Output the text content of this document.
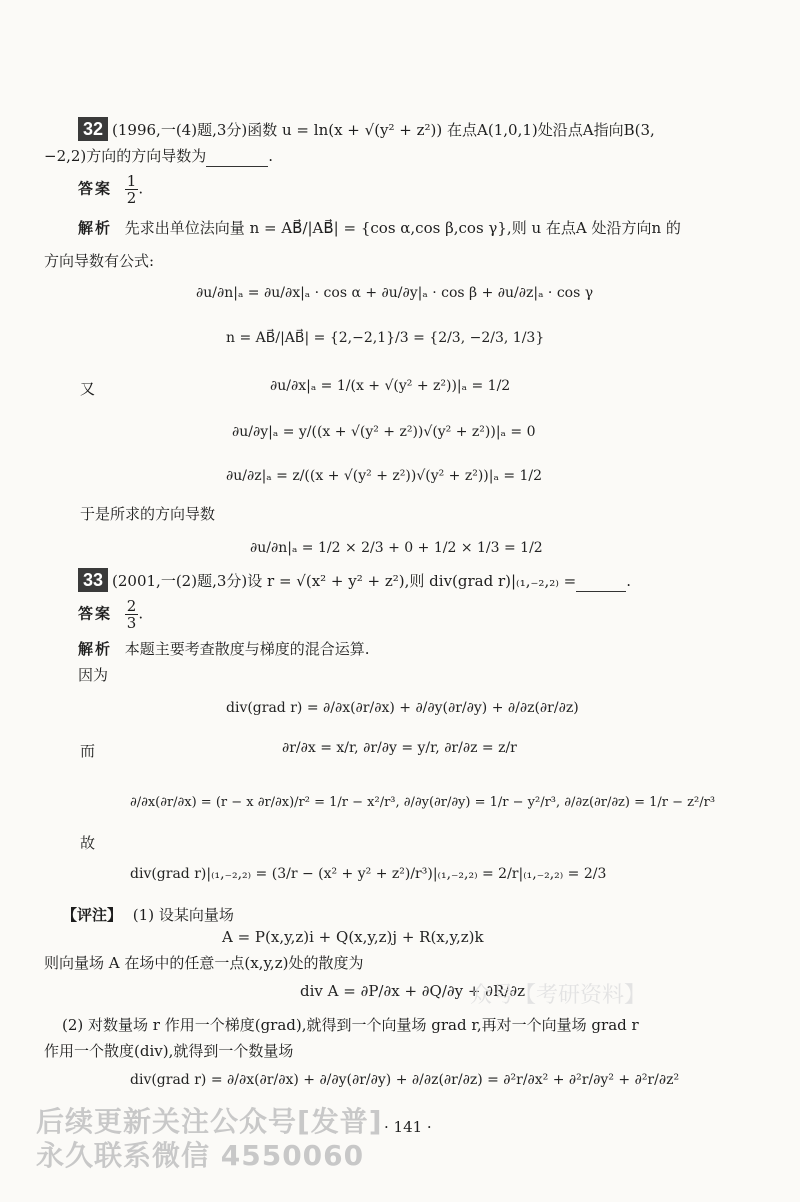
32 (1996,一(4)题,3分)函数 u = ln(x + √(y² + z²)) 在点A(1,0,1)处沿点A指向B(3,
−2,2)方向的方向导数为	.
答案 $\frac{1}{2}$ .
解析 先求出单位法向量 n = AB⃗/|AB⃗| = {cos α,cos β,cos γ},则 u 在点A 处沿方向n 的
方向导数有公式:
∂u/∂n|ₐ = ∂u/∂x|ₐ · cos α + ∂u/∂y|ₐ · cos β + ∂u/∂z|ₐ · cos γ
n = AB⃗/|AB⃗| = {2,−2,1}/3 = {2/3, −2/3, 1/3}
又	∂u/∂x|ₐ = 1/(x + √(y² + z²))|ₐ = 1/2
∂u/∂y|ₐ = y/((x + √(y² + z²))√(y² + z²))|ₐ = 0
∂u/∂z|ₐ = z/((x + √(y² + z²))√(y² + z²))|ₐ = 1/2
于是所求的方向导数
∂u/∂n|ₐ = 1/2 × 2/3 + 0 + 1/2 × 1/3 = 1/2
33 (2001,一(2)题,3分)设 r = √(x² + y² + z²),则 div(grad r)|₍₁,₋₂,₂₎ =	.
答案 $\frac{2}{3}$ .
解析 本题主要考查散度与梯度的混合运算.
因为
div(grad r) = ∂/∂x(∂r/∂x) + ∂/∂y(∂r/∂y) + ∂/∂z(∂r/∂z)
而	∂r/∂x = x/r, ∂r/∂y = y/r, ∂r/∂z = z/r
∂/∂x(∂r/∂x) = (r − x ∂r/∂x)/r² = 1/r − x²/r³, ∂/∂y(∂r/∂y) = 1/r − y²/r³, ∂/∂z(∂r/∂z) = 1/r − z²/r³
故
div(grad r)|₍₁,₋₂,₂₎ = (3/r − (x² + y² + z²)/r³)|₍₁,₋₂,₂₎ = 2/r|₍₁,₋₂,₂₎ = 2/3
【评注】 (1) 设某向量场
A = P(x,y,z)i + Q(x,y,z)j + R(x,y,z)k
则向量场 A 在场中的任意一点(x,y,z)处的散度为
div A = ∂P/∂x + ∂Q/∂y + ∂R/∂z
(2) 对数量场 r 作用一个梯度(grad),就得到一个向量场 grad r,再对一个向量场 grad r
作用一个散度(div),就得到一个数量场
div(grad r) = ∂/∂x(∂r/∂x) + ∂/∂y(∂r/∂y) + ∂/∂z(∂r/∂z) = ∂²r/∂x² + ∂²r/∂y² + ∂²r/∂z²
众号【考研资料】
· 141 ·
后续更新关注公众号[发普]
永久联系微信 4550060
